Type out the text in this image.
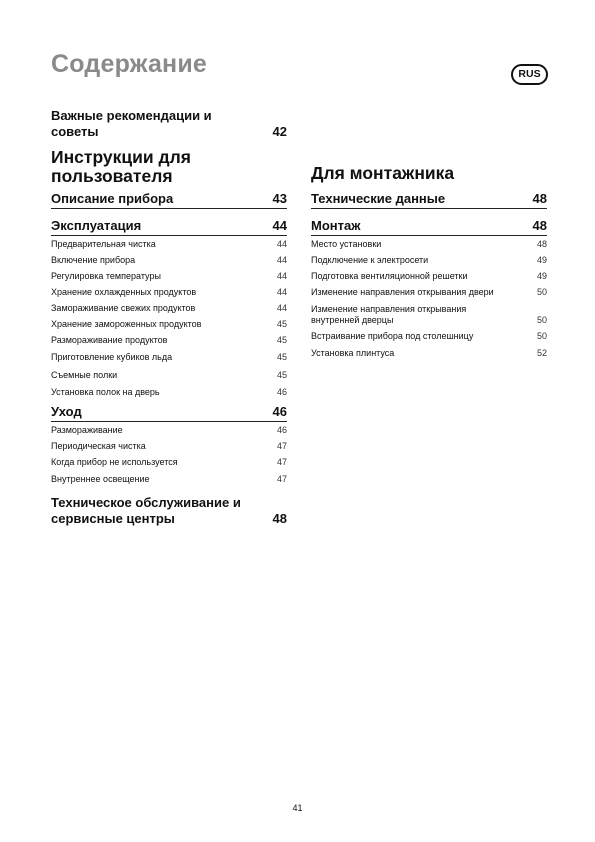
Содержание	RUS
Важные рекомендации и советы	42
Инструкции для пользователя
Описание прибора	43
Эксплуатация	44
Предварительная чистка	44
Включение прибора	44
Регулировка температуры	44
Хранение охлажденных продуктов	44
Замораживание свежих продуктов	44
Хранение замороженных продуктов	45
Размораживание продуктов	45
Приготовление кубиков льда	45
Съемные полки	45
Установка полок на дверь	46
Уход	46
Размораживание	46
Периодическая чистка	47
Когда прибор не используется	47
Внутреннее освещение	47
Техническое обслуживание и сервисные центры	48
Для монтажника
Технические данные	48
Монтаж	48
Место установки	48
Подключение к электросети	49
Подготовка вентиляционной решетки	49
Изменение направления открывания двери	50
Изменение направления открывания внутренней дверцы	50
Встраивание прибора под столешницу	50
Установка плинтуса	52
41
